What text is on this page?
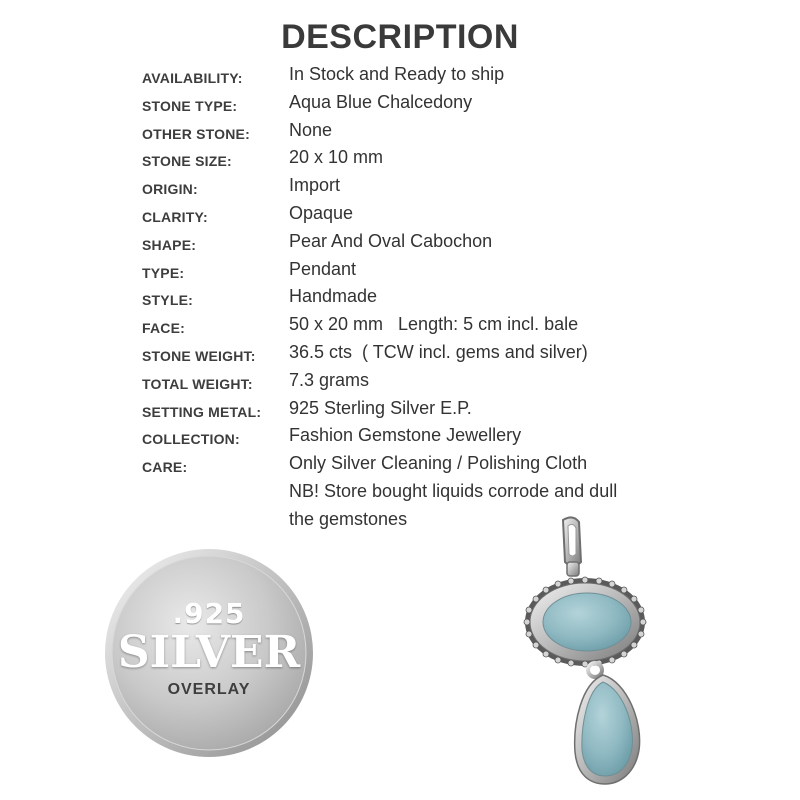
DESCRIPTION
AVAILABILITY:	In Stock and Ready to ship
STONE TYPE:	Aqua Blue Chalcedony
OTHER STONE: None
STONE SIZE:	20 x 10 mm
ORIGIN:	Import
CLARITY:	Opaque
SHAPE:	Pear And Oval Cabochon
TYPE:	Pendant
STYLE:	Handmade
FACE:	50 x 20 mm   Length: 5 cm incl. bale
STONE WEIGHT: 36.5 cts  ( TCW incl. gems and silver)
TOTAL WEIGHT: 7.3 grams
SETTING METAL: 925 Sterling Silver E.P.
COLLECTION:	Fashion Gemstone Jewellery
CARE:	Only Silver Cleaning / Polishing Cloth
NB! Store bought liquids corrode and dull
the gemstones
.925
SILVER
OVERLAY
